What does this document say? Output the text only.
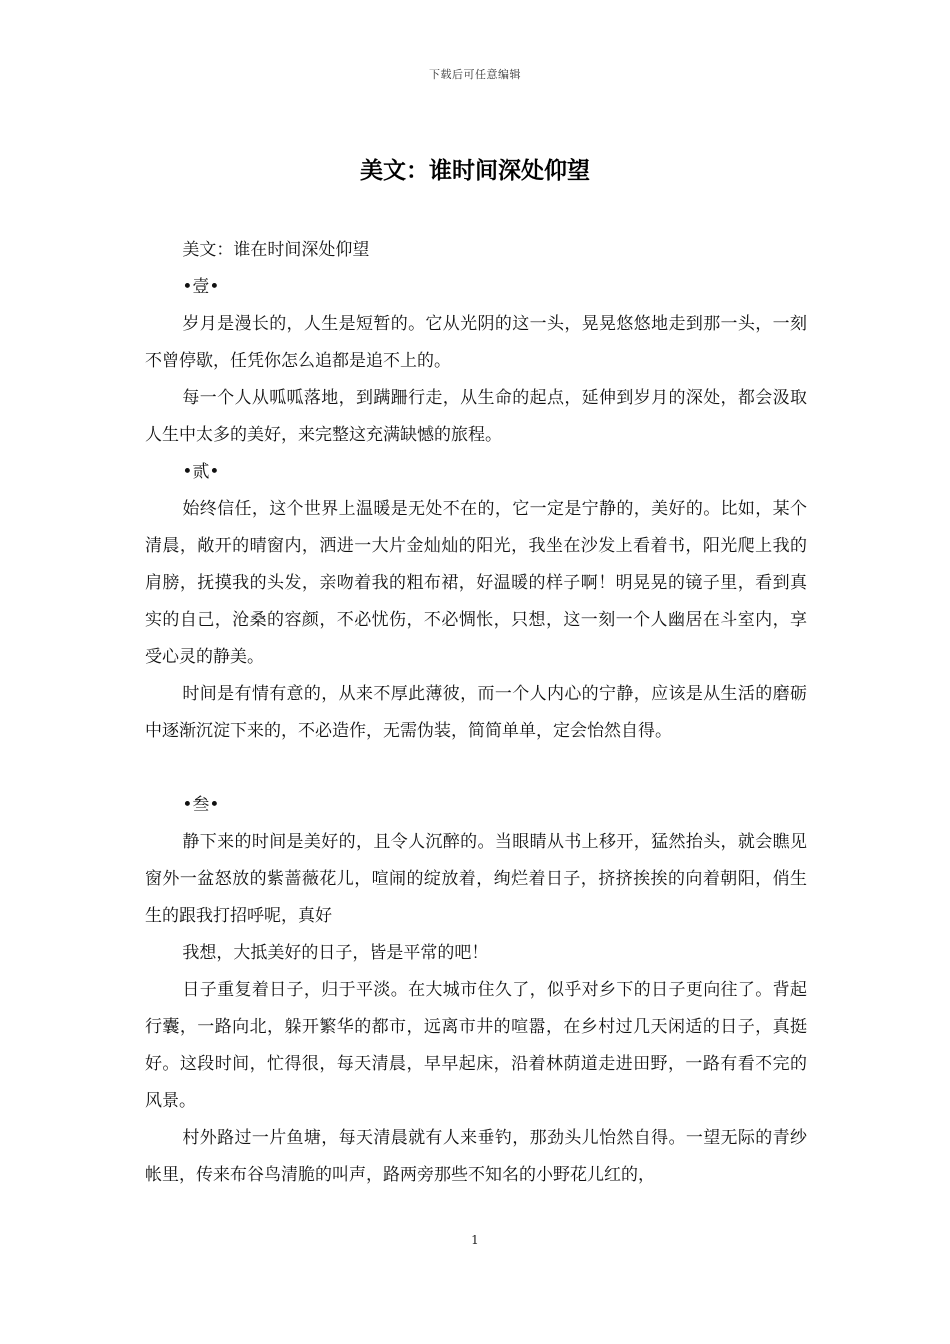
下载后可任意编辑
美文：谁时间深处仰望

美文：谁在时间深处仰望

•壹•

岁月是漫长的，人生是短暂的。它从光阴的这一头，晃晃悠悠地走到那一头，一刻不曾停歇，任凭你怎么追都是追不上的。

每一个人从呱呱落地，到蹒跚行走，从生命的起点，延伸到岁月的深处，都会汲取人生中太多的美好，来完整这充满缺憾的旅程。

•贰•

始终信任，这个世界上温暖是无处不在的，它一定是宁静的，美好的。比如，某个清晨，敞开的晴窗内，洒进一大片金灿灿的阳光，我坐在沙发上看着书，阳光爬上我的肩膀，抚摸我的头发，亲吻着我的粗布裙，好温暖的样子啊！明晃晃的镜子里，看到真实的自己，沧桑的容颜，不必忧伤，不必惆怅，只想，这一刻一个人幽居在斗室内，享受心灵的静美。

时间是有情有意的，从来不厚此薄彼，而一个人内心的宁静，应该是从生活的磨砺中逐渐沉淀下来的，不必造作，无需伪装，简简单单，定会怡然自得。

•叁•

静下来的时间是美好的，且令人沉醉的。当眼睛从书上移开，猛然抬头，就会瞧见窗外一盆怒放的紫蔷薇花儿，喧闹的绽放着，绚烂着日子，挤挤挨挨的向着朝阳，俏生生的跟我打招呼呢，真好

我想，大抵美好的日子，皆是平常的吧！

日子重复着日子，归于平淡。在大城市住久了，似乎对乡下的日子更向往了。背起行囊，一路向北，躲开繁华的都市，远离市井的喧嚣，在乡村过几天闲适的日子，真挺好。这段时间，忙得很，每天清晨，早早起床，沿着林荫道走进田野，一路有看不完的风景。

村外路过一片鱼塘，每天清晨就有人来垂钓，那劲头儿怡然自得。一望无际的青纱帐里，传来布谷鸟清脆的叫声，路两旁那些不知名的小野花儿红的，

1
